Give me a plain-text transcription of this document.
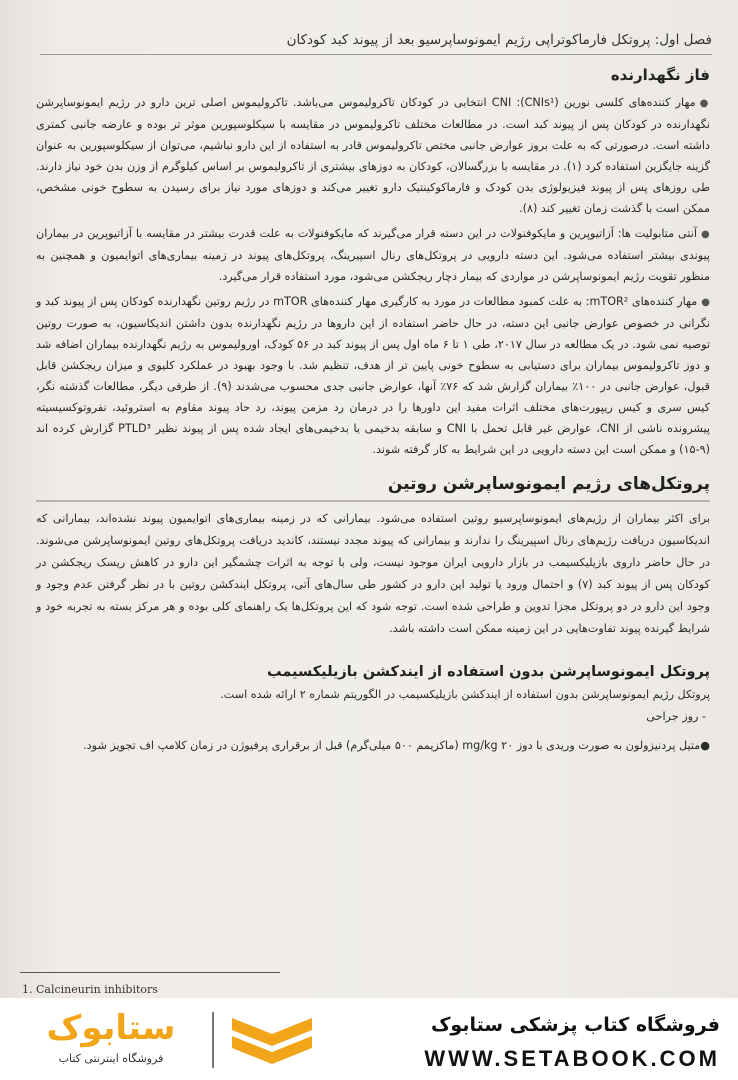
فصل اول: پروتکل فارماکوتراپی رژیم ایمونوساپرسیو بعد از پیوند کبد کودکان
فاز نگهدارنده

●مهار کننده‌های کلسی نورین (CNIs¹): CNI انتخابی در کودکان تاکرولیموس می‌باشد. تاکرولیموس اصلی ترین دارو در رژیم ایمونوساپرشن نگهدارنده در کودکان پس از پیوند کبد است. در مطالعات مختلف تاکرولیموس در مقایسه با سیکلوسپورین موثر تر بوده و عارضه جانبی کمتری داشته است. درصورتی که به علت بروز عوارض جانبی مختص تاکرولیموس قادر به استفاده از این دارو نباشیم، می‌توان از سیکلوسپورین به عنوان گزینه جایگزین استفاده کرد (۱). در مقایسه با بزرگسالان، کودکان به دوزهای بیشتری از تاکرولیموس بر اساس کیلوگرم از وزن بدن خود نیاز دارند. طی روزهای پس از پیوند فیزیولوژی بدن کودک و فارماکوکینتیک دارو تغییر می‌کند و دوزهای مورد نیاز برای رسیدن به سطوح خونی مشخص، ممکن است با گذشت زمان تغییر کند (۸).

●آنتی متابولیت ها: آزاتیوپرین و مایکوفنولات در این دسته قرار می‌گیرند که مایکوفنولات به علت قدرت بیشتر در مقایسه با آزاتیوپرین در بیماران پیوندی بیشتر استفاده می‌شود. این دسته دارویی در پروتکل‌های رنال اسپیرینگ، پروتکل‌های پیوند در زمینه بیماری‌های اتوایمیون و همچنین به منظور تقویت رژیم ایمونوساپرشن در مواردی که بیمار دچار ریجکشن می‌شود، مورد استفاده قرار می‌گیرد.

●مهار کننده‌های mTOR²: به علت کمبود مطالعات در مورد به کارگیری مهار کننده‌های mTOR در رژیم روتین نگهدارنده کودکان پس از پیوند کبد و نگرانی در خصوص عوارض جانبی این دسته، در حال حاضر استفاده از این داروها در رژیم نگهدارنده بدون داشتن اندیکاسیون، به صورت روتین توصیه نمی شود. در یک مطالعه در سال ۲۰۱۷، طی ۱ تا ۶ ماه اول پس از پیوند کبد در ۵۶ کودک، اورولیموس به رژیم نگهدارنده بیماران اضافه شد و دوز تاکرولیموس بیماران برای دستیابی به سطوح خونی پایین تر از هدف، تنظیم شد. با وجود بهبود در عملکرد کلیوی و میزان ریجکشن قابل قبول، عوارض جانبی در ۱۰۰٪ بیماران گزارش شد که ۷۶٪ آنها، عوارض جانبی جدی محسوب می‌شدند (۹). از طرفی دیگر، مطالعات گذشته نگر، کیس سری و کیس ریپورت‌های مختلف اثرات مفید این داورها را در درمان رد مزمن پیوند، رد حاد پیوند مقاوم به استروئید، نفروتوکسیسیته پیشرونده ناشی از CNI، عوارض غیر قابل تحمل با CNI و سابقه بدخیمی یا بدخیمی‌های ایجاد شده پس از پیوند نظیر PTLD³ گزارش کرده اند (۹-۱۵) و ممکن است این دسته دارویی در این شرایط به کار گرفته شوند.

پروتکل‌های رژیم ایمونوساپرشن روتین

برای اکثر بیماران از رژیم‌های ایمونوساپرسیو روتین استفاده می‌شود. بیمارانی که در زمینه بیماری‌های اتوایمیون پیوند نشده‌اند، بیمارانی که اندیکاسیون دریافت رژیم‌های رنال اسپیرینگ را ندارند و بیمارانی که پیوند مجدد نیستند، کاندید دریافت پروتکل‌های روتین ایمونوساپرشن می‌شوند. در حال حاضر داروی بازیلیکسیمب در بازار دارویی ایران موجود نیست، ولی با توجه به اثرات چشمگیر این دارو در کاهش ریسک ریجکشن در کودکان پس از پیوند کبد (۷) و احتمال ورود یا تولید این دارو در کشور طی سال‌های آتی، پروتکل ایندکشن روتین با در نظر گرفتن عدم وجود و وجود این دارو در دو پروتکل مجزا تدوین و طراحی شده است. توجه شود که این پروتکل‌ها یک راهنمای کلی بوده و هر مرکز بسته به تجربه خود و شرایط گیرنده پیوند تفاوت‌هایی در این زمینه ممکن است داشته باشد.

پروتکل ایمونوساپرشن بدون استفاده از ایندکشن بازیلیکسیمب

پروتکل رژیم ایمونوساپرشن بدون استفاده از ایندکشن بازیلیکسیمب در الگوریتم شماره ۲ ارائه شده است.

- روز جراحی

●متیل پردنیزولون به صورت وریدی با دوز ۲۰ mg/kg (ماکزیمم ۵۰۰ میلی‌گرم) قبل از برقراری پرفیوژن در زمان کلامپ اف تجویز شود.

1. Calcineurin inhibitors
ستابوک
فروشگاه اینترنتی کتاب
فروشگاه کتاب پزشکی ستابوک
WWW.SETABOOK.COM
